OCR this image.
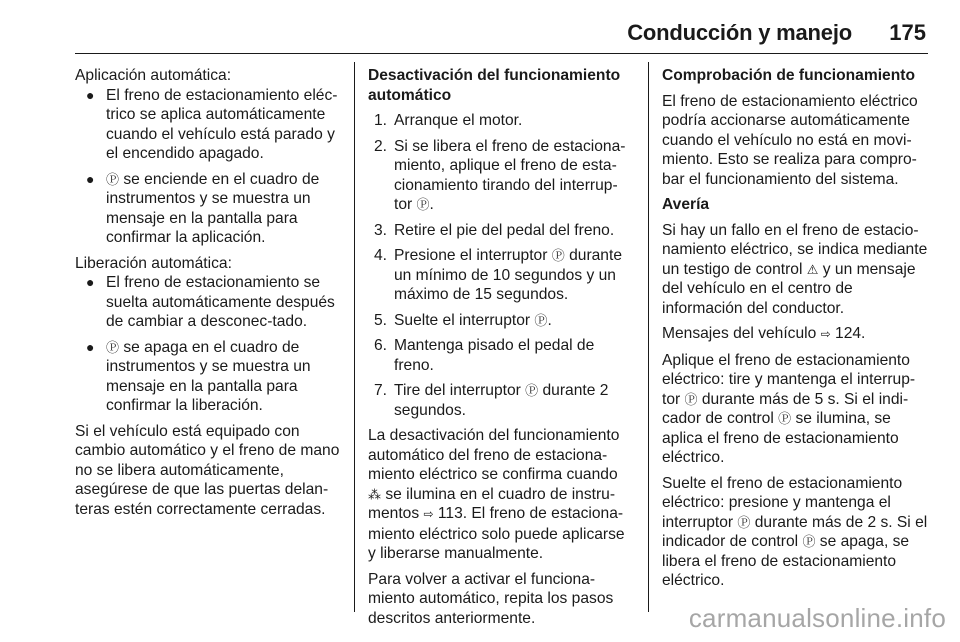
Conducción y manejo 175

Aplicación automática:

● El freno de estacionamiento eléc-trico se aplica automáticamente cuando el vehículo está parado y el encendido apagado.
● Ⓟ se enciende en el cuadro de instrumentos y se muestra un mensaje en la pantalla para confirmar la aplicación.

Liberación automática:

● El freno de estacionamiento se suelta automáticamente después de cambiar a desconec-tado.
● Ⓟ se apaga en el cuadro de instrumentos y se muestra un mensaje en la pantalla para confirmar la liberación.

Si el vehículo está equipado con cambio automático y el freno de mano no se libera automáticamente, asegúrese de que las puertas delan-teras estén correctamente cerradas.

Desactivación del funcionamiento automático

1. Arranque el motor.
2. Si se libera el freno de estaciona-miento, aplique el freno de esta-cionamiento tirando del interrup-tor Ⓟ.
3. Retire el pie del pedal del freno.
4. Presione el interruptor Ⓟ durante un mínimo de 10 segundos y un máximo de 15 segundos.
5. Suelte el interruptor Ⓟ.
6. Mantenga pisado el pedal de freno.
7. Tire del interruptor Ⓟ durante 2 segundos.

La desactivación del funcionamiento automático del freno de estaciona-miento eléctrico se confirma cuando ⁂ se ilumina en el cuadro de instru-mentos ⇨ 113. El freno de estaciona-miento eléctrico solo puede aplicarse y liberarse manualmente.

Para volver a activar el funciona-miento automático, repita los pasos descritos anteriormente.

Comprobación de funcionamiento

El freno de estacionamiento eléctrico podría accionarse automáticamente cuando el vehículo no está en movi-miento. Esto se realiza para compro-bar el funcionamiento del sistema.

Avería

Si hay un fallo en el freno de estacio-namiento eléctrico, se indica mediante un testigo de control ⚠ y un mensaje del vehículo en el centro de información del conductor.

Mensajes del vehículo ⇨ 124.

Aplique el freno de estacionamiento eléctrico: tire y mantenga el interrup-tor Ⓟ durante más de 5 s. Si el indi-cador de control Ⓟ se ilumina, se aplica el freno de estacionamiento eléctrico.

Suelte el freno de estacionamiento eléctrico: presione y mantenga el interruptor Ⓟ durante más de 2 s. Si el indicador de control Ⓟ se apaga, se libera el freno de estacionamiento eléctrico.

carmanualsonline.info
